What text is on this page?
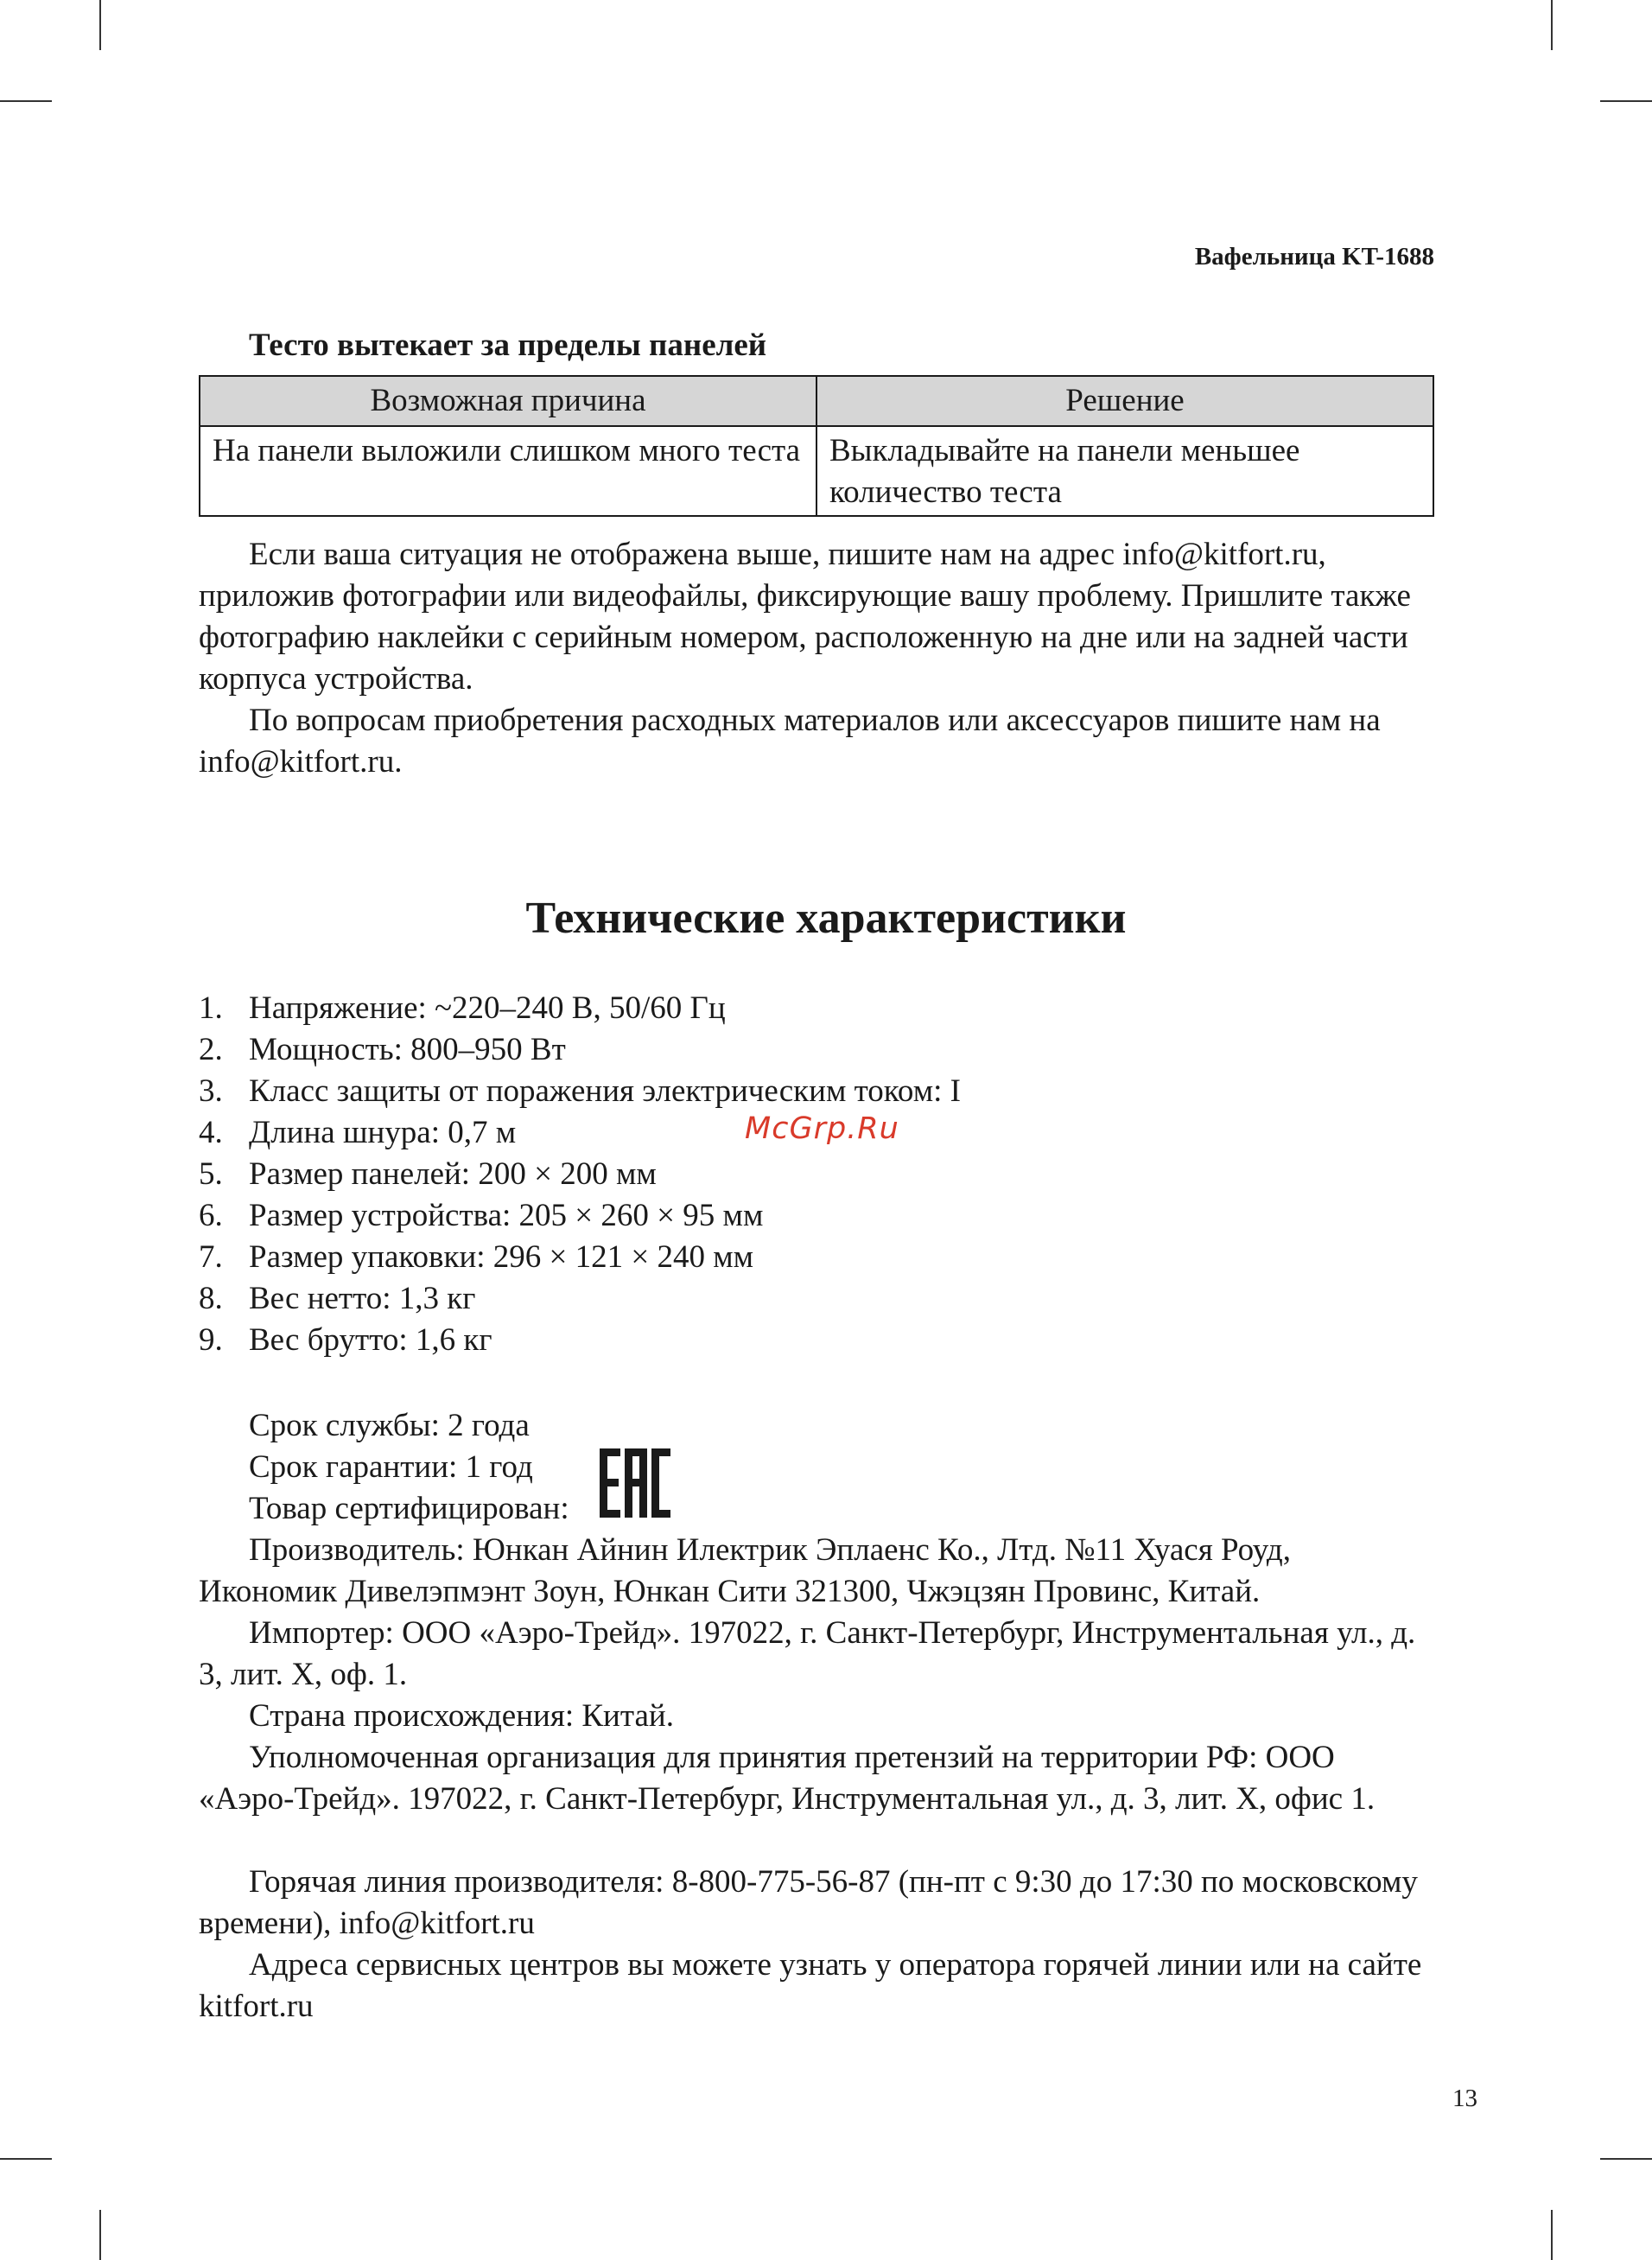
Вафельница KT-1688
Тесто вытекает за пределы панелей
Возможная причина	Решение
На панели выложили слишком много теста	Выкладывайте на панели меньшее количество теста

Если ваша ситуация не отображена выше, пишите нам на адрес info@kitfort.ru, приложив фотографии или видеофайлы, фиксирующие вашу проблему. Пришлите также фотографию наклейки с серийным номером, расположенную на дне или на задней части корпуса устройства.

По вопросам приобретения расходных материалов или аксессуаров пишите нам на info@kitfort.ru.

Технические характеристики
1. Напряжение: ~220–240 В, 50/60 Гц
2. Мощность: 800–950 Вт
3. Класс защиты от поражения электрическим током: I
4. Длина шнура: 0,7 м
5. Размер панелей: 200 × 200 мм
6. Размер устройства: 205 × 260 × 95 мм
7. Размер упаковки: 296 × 121 × 240 мм
8. Вес нетто: 1,3 кг
9. Вес брутто: 1,6 кг
McGrp.Ru
Срок службы: 2 года
Срок гарантии: 1 год
Товар сертифицирован:

Производитель: Юнкан Айнин Илектрик Эплаенс Ко., Лтд. №11 Хуася Роуд, Икономик Дивелэпмэнт Зоун, Юнкан Сити 321300, Чжэцзян Провинс, Китай.

Импортер: ООО «Аэро-Трейд». 197022, г. Санкт-Петербург, Инструментальная ул., д. 3, лит. Х, оф. 1.

Страна происхождения: Китай.

Уполномоченная организация для принятия претензий на территории РФ: ООО «Аэро-Трейд». 197022, г. Санкт-Петербург, Инструментальная ул., д. 3, лит. Х, офис 1.

Горячая линия производителя: 8-800-775-56-87 (пн-пт с 9:30 до 17:30 по московскому времени), info@kitfort.ru

Адреса сервисных центров вы можете узнать у оператора горячей линии или на сайте kitfort.ru

13
